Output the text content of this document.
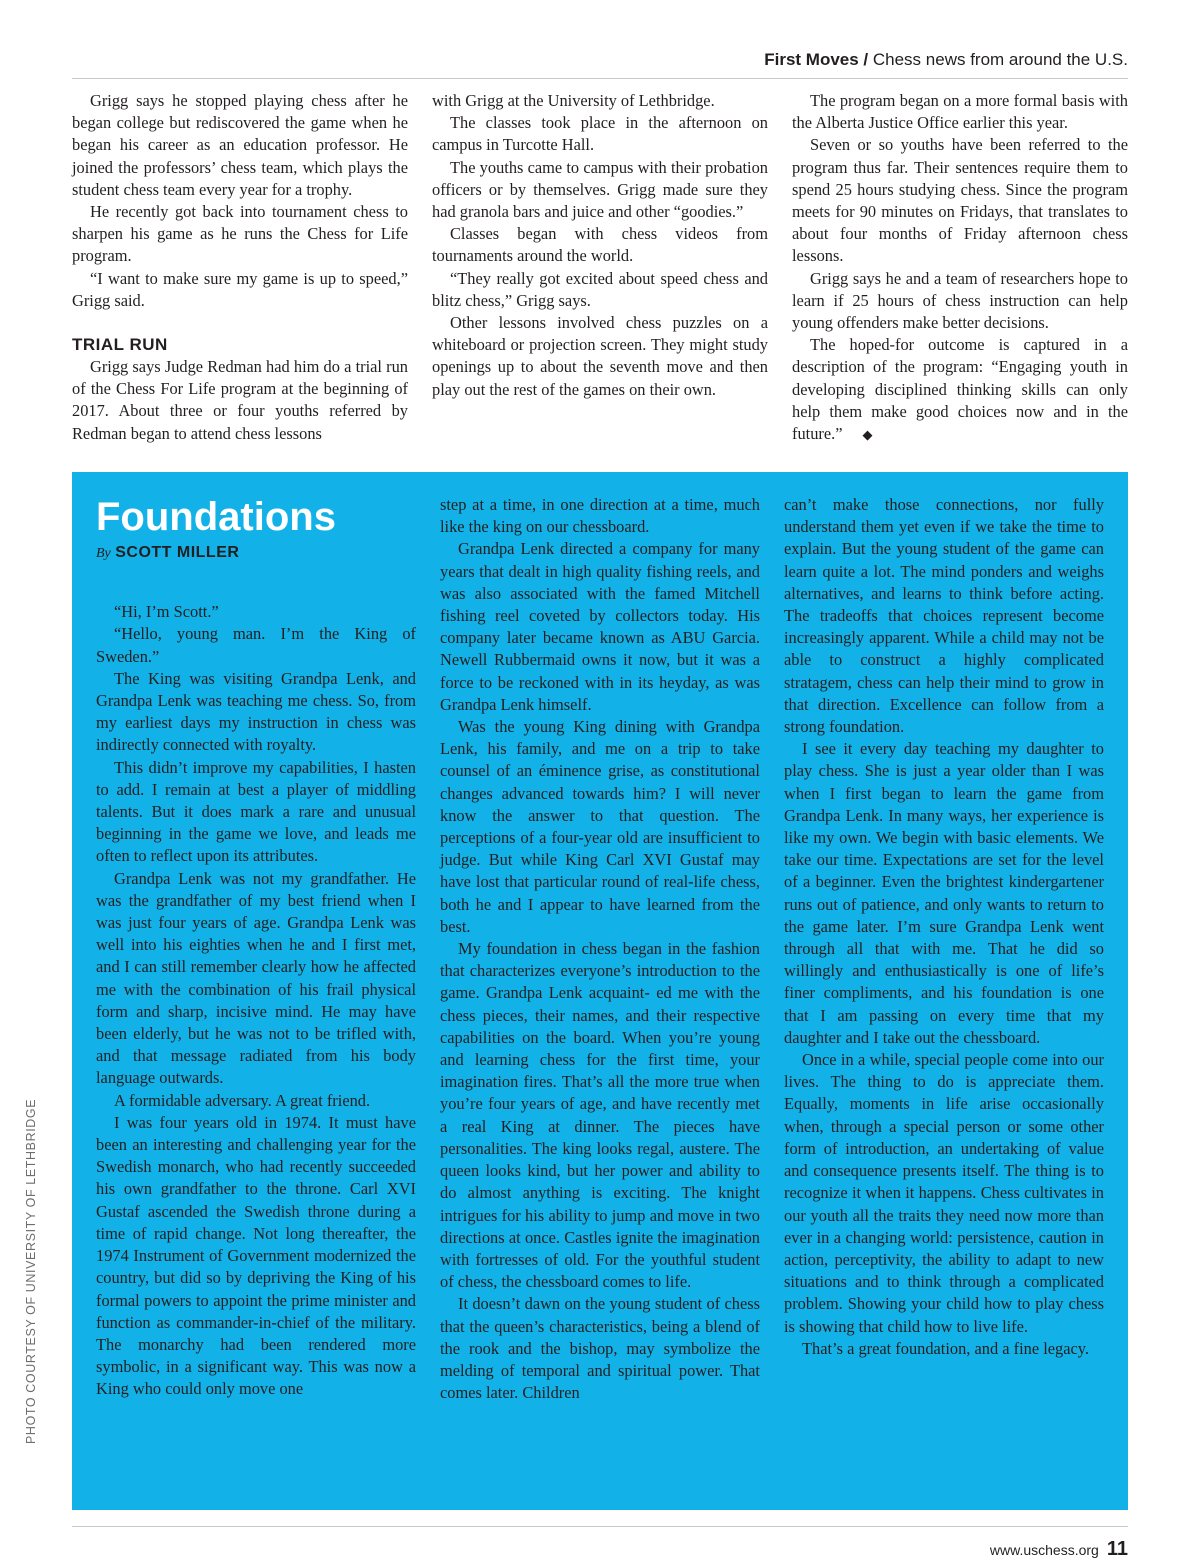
First Moves / Chess news from around the U.S.

Grigg says he stopped playing chess after he began college but rediscovered the game when he began his career as an education professor. He joined the professors’ chess team, which plays the student chess team every year for a trophy.

He recently got back into tournament chess to sharpen his game as he runs the Chess for Life program.

“I want to make sure my game is up to speed,” Grigg said.

TRIAL RUN

Grigg says Judge Redman had him do a trial run of the Chess For Life program at the beginning of 2017. About three or four youths referred by Redman began to attend chess lessons

with Grigg at the University of Lethbridge.

The classes took place in the afternoon on campus in Turcotte Hall.

The youths came to campus with their probation officers or by themselves. Grigg made sure they had granola bars and juice and other “goodies.”

Classes began with chess videos from tournaments around the world.

“They really got excited about speed chess and blitz chess,” Grigg says.

Other lessons involved chess puzzles on a whiteboard or projection screen. They might study openings up to about the seventh move and then play out the rest of the games on their own.

The program began on a more formal basis with the Alberta Justice Office earlier this year.

Seven or so youths have been referred to the program thus far. Their sentences require them to spend 25 hours studying chess. Since the program meets for 90 minutes on Fridays, that translates to about four months of Friday afternoon chess lessons.

Grigg says he and a team of researchers hope to learn if 25 hours of chess instruction can help young offenders make better decisions.

The hoped-for outcome is captured in a description of the program: “Engaging youth in developing disciplined thinking skills can only help them make good choices now and in the future.” ◆

Foundations
By SCOTT MILLER

“Hi, I’m Scott.”

“Hello, young man. I’m the King of Sweden.”

The King was visiting Grandpa Lenk, and Grandpa Lenk was teaching me chess. So, from my earliest days my instruction in chess was indirectly connected with royalty.

This didn’t improve my capabilities, I hasten to add. I remain at best a player of middling talents. But it does mark a rare and unusual beginning in the game we love, and leads me often to reflect upon its attributes.

Grandpa Lenk was not my grandfather. He was the grandfather of my best friend when I was just four years of age. Grandpa Lenk was well into his eighties when he and I first met, and I can still remember clearly how he affected me with the combination of his frail physical form and sharp, incisive mind. He may have been elderly, but he was not to be trifled with, and that message radiated from his body language outwards.

A formidable adversary. A great friend.

I was four years old in 1974. It must have been an interesting and challenging year for the Swedish monarch, who had recently succeeded his own grandfather to the throne. Carl XVI Gustaf ascended the Swedish throne during a time of rapid change. Not long thereafter, the 1974 Instrument of Government modernized the country, but did so by depriving the King of his formal powers to appoint the prime minister and function as commander-in-chief of the military. The monarchy had been rendered more symbolic, in a significant way. This was now a King who could only move one

step at a time, in one direction at a time, much like the king on our chessboard.

Grandpa Lenk directed a company for many years that dealt in high quality fishing reels, and was also associated with the famed Mitchell fishing reel coveted by collectors today. His company later became known as ABU Garcia. Newell Rubbermaid owns it now, but it was a force to be reckoned with in its heyday, as was Grandpa Lenk himself.

Was the young King dining with Grandpa Lenk, his family, and me on a trip to take counsel of an éminence grise, as constitutional changes advanced towards him? I will never know the answer to that question. The perceptions of a four-year old are insufficient to judge. But while King Carl XVI Gustaf may have lost that particular round of real-life chess, both he and I appear to have learned from the best.

My foundation in chess began in the fashion that characterizes everyone’s introduction to the game. Grandpa Lenk acquaint- ed me with the chess pieces, their names, and their respective capabilities on the board. When you’re young and learning chess for the first time, your imagination fires. That’s all the more true when you’re four years of age, and have recently met a real King at dinner. The pieces have personalities. The king looks regal, austere. The queen looks kind, but her power and ability to do almost anything is exciting. The knight intrigues for his ability to jump and move in two directions at once. Castles ignite the imagination with fortresses of old. For the youthful student of chess, the chessboard comes to life.

It doesn’t dawn on the young student of chess that the queen’s characteristics, being a blend of the rook and the bishop, may symbolize the melding of temporal and spiritual power. That comes later. Children

can’t make those connections, nor fully understand them yet even if we take the time to explain. But the young student of the game can learn quite a lot. The mind ponders and weighs alternatives, and learns to think before acting. The tradeoffs that choices represent become increasingly apparent. While a child may not be able to construct a highly complicated stratagem, chess can help their mind to grow in that direction. Excellence can follow from a strong foundation.

I see it every day teaching my daughter to play chess. She is just a year older than I was when I first began to learn the game from Grandpa Lenk. In many ways, her experience is like my own. We begin with basic elements. We take our time. Expectations are set for the level of a beginner. Even the brightest kindergartener runs out of patience, and only wants to return to the game later. I’m sure Grandpa Lenk went through all that with me. That he did so willingly and enthusiastically is one of life’s finer compliments, and his foundation is one that I am passing on every time that my daughter and I take out the chessboard.

Once in a while, special people come into our lives. The thing to do is appreciate them. Equally, moments in life arise occasionally when, through a special person or some other form of introduction, an undertaking of value and consequence presents itself. The thing is to recognize it when it happens. Chess cultivates in our youth all the traits they need now more than ever in a changing world: persistence, caution in action, perceptivity, the ability to adapt to new situations and to think through a complicated problem. Showing your child how to play chess is showing that child how to live life.

That’s a great foundation, and a fine legacy.

PHOTO COURTESY OF UNIVERSITY OF LETHBRIDGE
www.uschess.org 11
